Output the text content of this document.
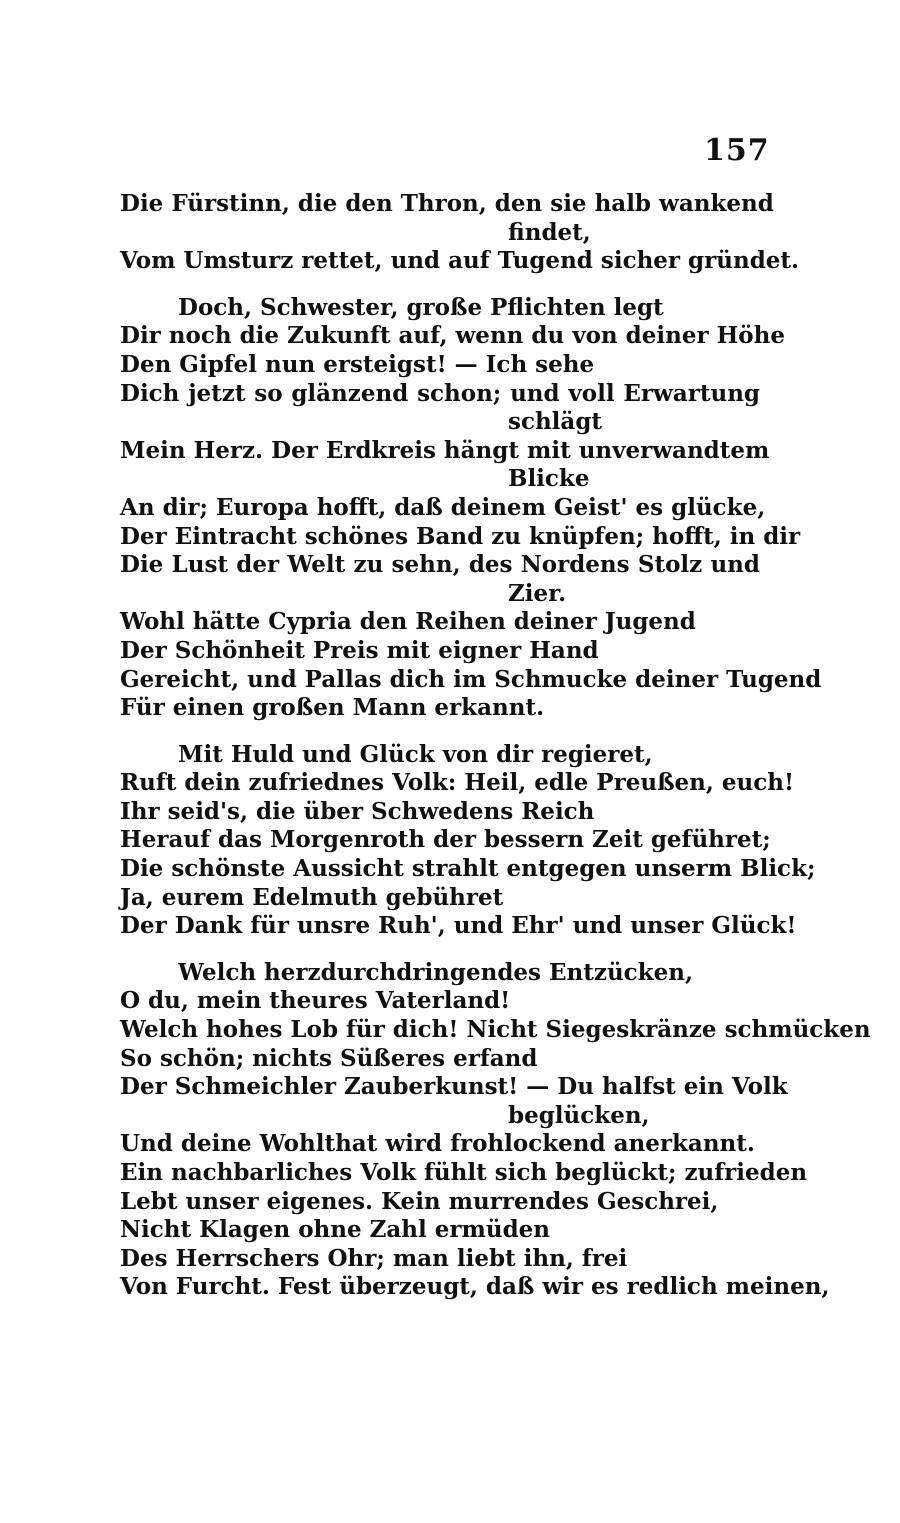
157
Die Fürstinn, die den Thron, den sie halb wankend
findet,
Vom Umsturz rettet, und auf Tugend sicher gründet.
Doch, Schwester, große Pflichten legt
Dir noch die Zukunft auf, wenn du von deiner Höhe
Den Gipfel nun ersteigst! — Ich sehe
Dich jetzt so glänzend schon; und voll Erwartung
schlägt
Mein Herz. Der Erdkreis hängt mit unverwandtem
Blicke
An dir; Europa hofft, daß deinem Geist' es glücke,
Der Eintracht schönes Band zu knüpfen; hofft, in dir
Die Lust der Welt zu sehn, des Nordens Stolz und
Zier.
Wohl hätte Cypria den Reihen deiner Jugend
Der Schönheit Preis mit eigner Hand
Gereicht, und Pallas dich im Schmucke deiner Tugend
Für einen großen Mann erkannt.
Mit Huld und Glück von dir regieret,
Ruft dein zufriednes Volk: Heil, edle Preußen, euch!
Ihr seid's, die über Schwedens Reich
Herauf das Morgenroth der bessern Zeit geführet;
Die schönste Aussicht strahlt entgegen unserm Blick;
Ja, eurem Edelmuth gebühret
Der Dank für unsre Ruh', und Ehr' und unser Glück!
Welch herzdurchdringendes Entzücken,
O du, mein theures Vaterland!
Welch hohes Lob für dich! Nicht Siegeskränze schmücken
So schön; nichts Süßeres erfand
Der Schmeichler Zauberkunst! — Du halfst ein Volk
beglücken,
Und deine Wohlthat wird frohlockend anerkannt.
Ein nachbarliches Volk fühlt sich beglückt; zufrieden
Lebt unser eigenes. Kein murrendes Geschrei,
Nicht Klagen ohne Zahl ermüden
Des Herrschers Ohr; man liebt ihn, frei
Von Furcht. Fest überzeugt, daß wir es redlich meinen,
